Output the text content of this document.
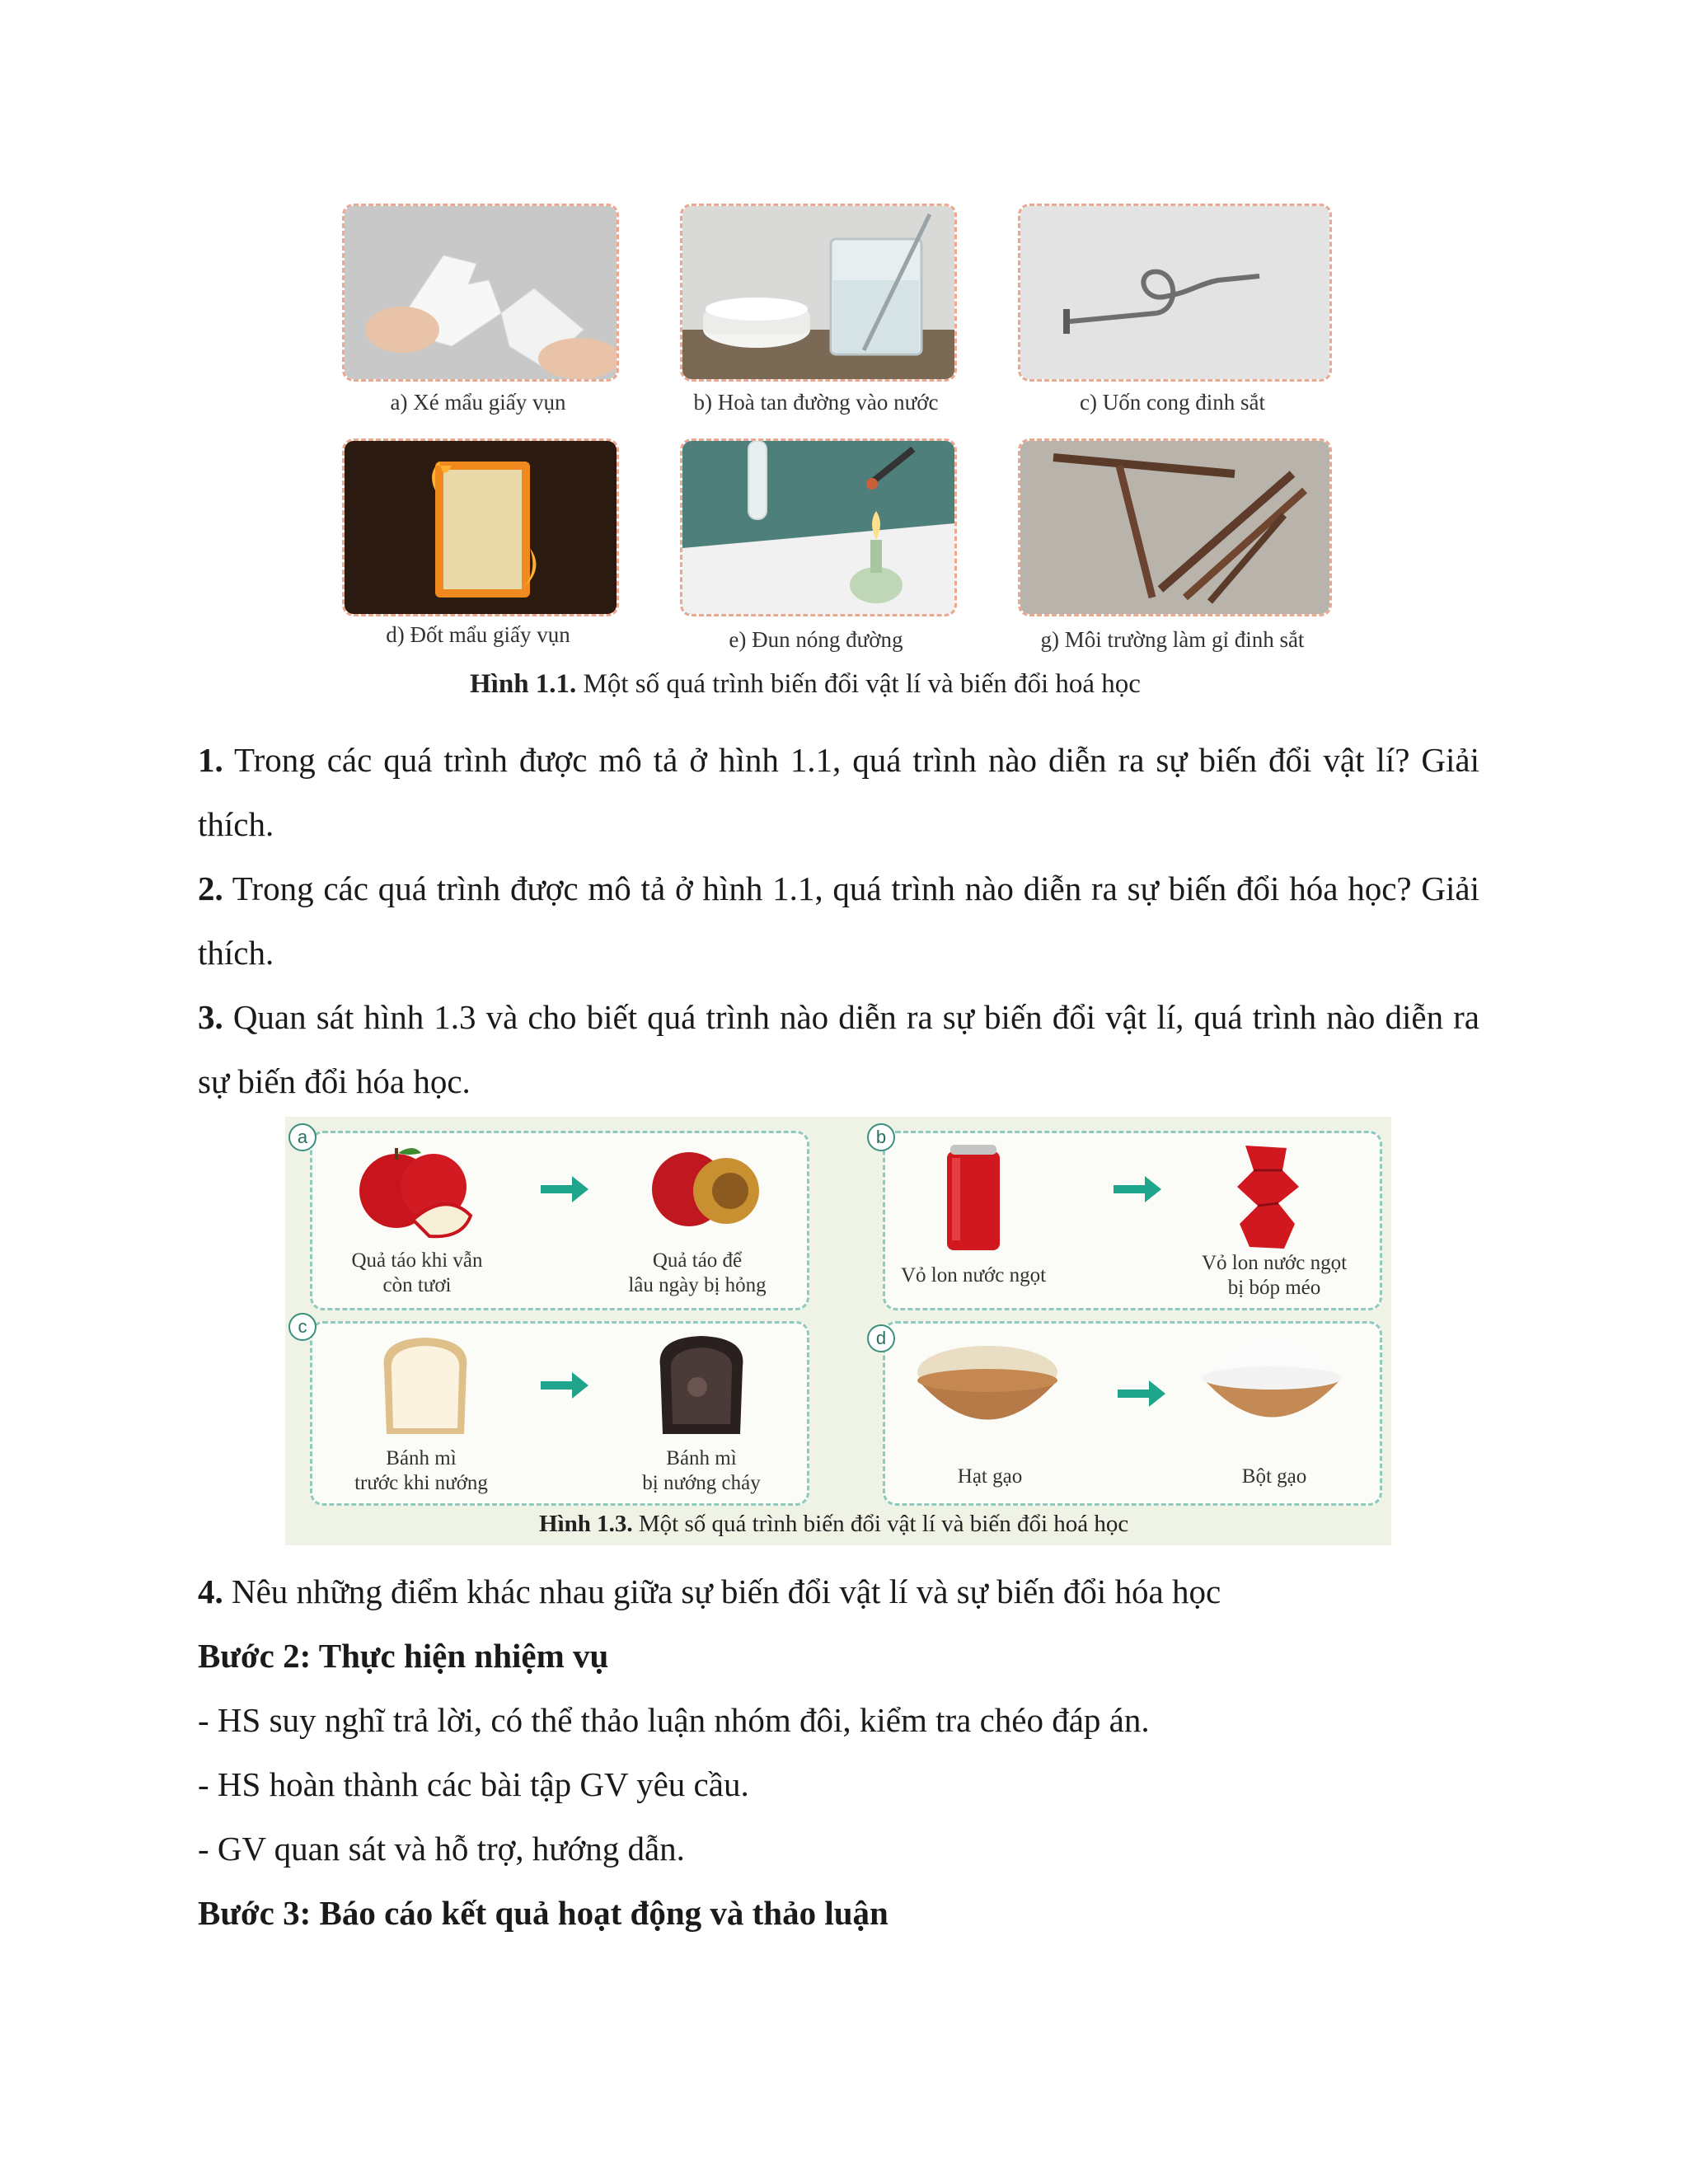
a) Xé mẩu giấy vụn	b) Hoà tan đường vào nước	c) Uốn cong đinh sắt
d) Đốt mẩu giấy vụn	e) Đun nóng đường	g) Môi trường làm gỉ đinh sắt
Hình 1.1. Một số quá trình biến đổi vật lí và biến đổi hoá học
1. Trong các quá trình được mô tả ở hình 1.1, quá trình nào diễn ra sự biến đổi vật lí? Giải thích.
2. Trong các quá trình được mô tả ở hình 1.1, quá trình nào diễn ra sự biến đổi hóa học? Giải thích.
3. Quan sát hình 1.3 và cho biết quá trình nào diễn ra sự biến đổi vật lí, quá trình nào diễn ra sự biến đổi hóa học.
a
Quả táo khi vẫn
còn tươi
Quả táo để
lâu ngày bị hỏng
b
Vỏ lon nước ngọt
Vỏ lon nước ngọt
bị bóp méo
c
Bánh mì
trước khi nướng
Bánh mì
bị nướng cháy
d
Hạt gạo	Bột gạo
Hình 1.3. Một số quá trình biến đổi vật lí và biến đổi hoá học
4. Nêu những điểm khác nhau giữa sự biến đổi vật lí và sự biến đổi hóa học
Bước 2: Thực hiện nhiệm vụ
- HS suy nghĩ trả lời, có thể thảo luận nhóm đôi, kiểm tra chéo đáp án.
- HS hoàn thành các bài tập GV yêu cầu.
- GV quan sát và hỗ trợ, hướng dẫn.
Bước 3: Báo cáo kết quả hoạt động và thảo luận
